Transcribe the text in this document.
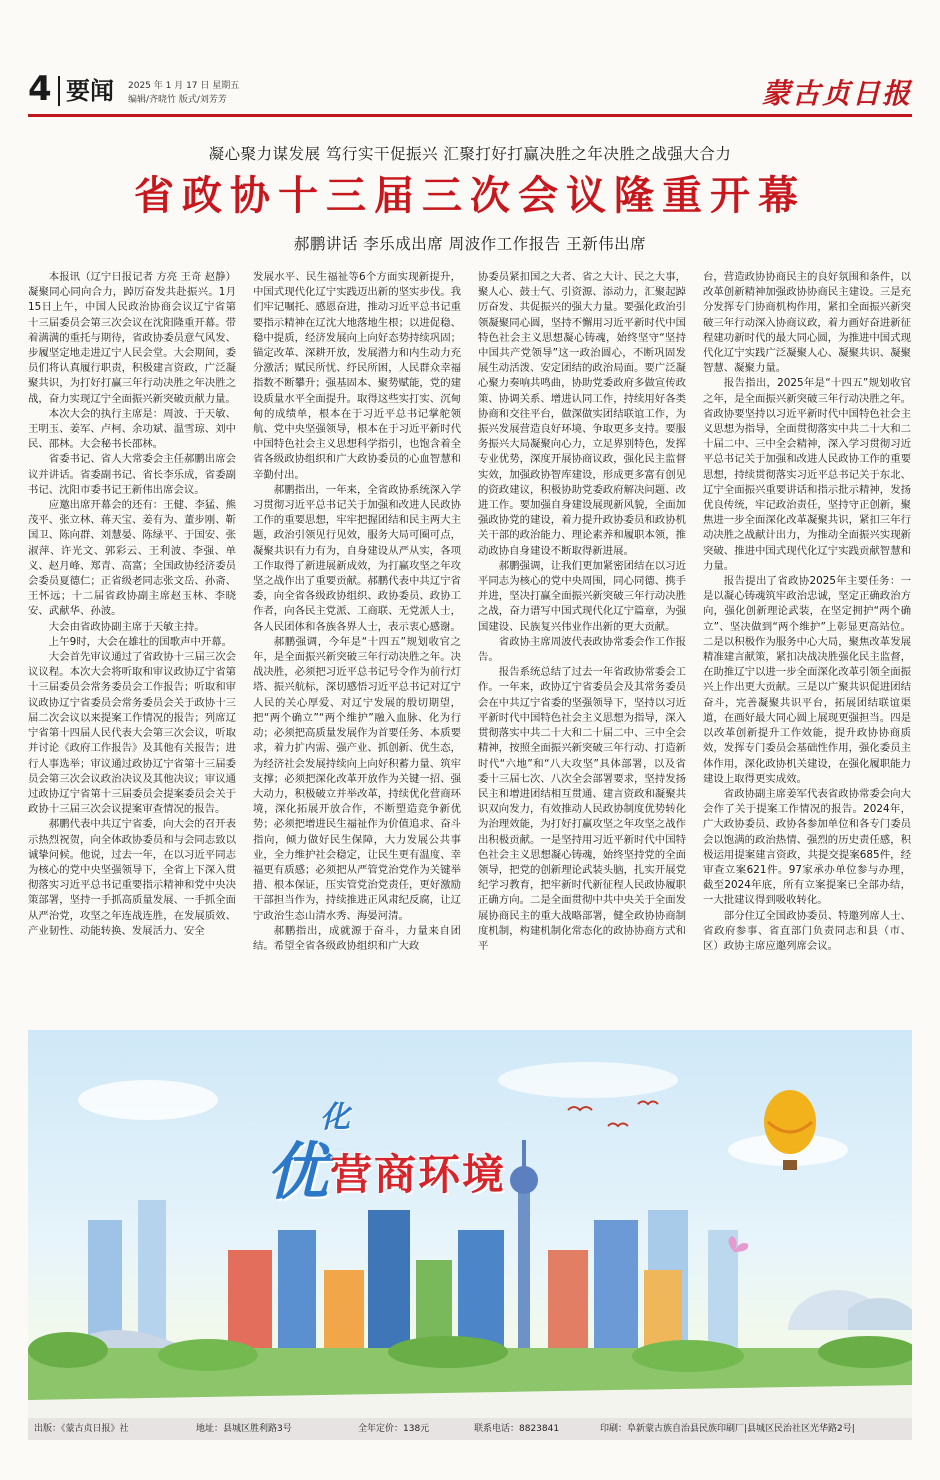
4 要闻 2025 年 1 月 17 日 星期五
编辑/齐晓竹 版式/刘芳芳	蒙古贞日报
凝心聚力谋发展 笃行实干促振兴 汇聚打好打赢决胜之年决胜之战强大合力
省政协十三届三次会议隆重开幕
郝鹏讲话 李乐成出席 周波作工作报告 王新伟出席

本报讯（辽宁日报记者 方亮 王奇 赵静）凝聚同心同向合力，踔厉奋发共赴振兴。1月15日上午，中国人民政治协商会议辽宁省第十三届委员会第三次会议在沈阳隆重开幕。带着满满的重托与期待，省政协委员意气风发、步履坚定地走进辽宁人民会堂。大会期间，委员们将认真履行职责，积极建言资政，广泛凝聚共识，为打好打赢三年行动决胜之年决胜之战，奋力实现辽宁全面振兴新突破贡献力量。

本次大会的执行主席是：周波、于天敏、王明玉、姜军、卢柯、余功斌、温雪琼、刘中民、邵林。大会秘书长邵林。

省委书记、省人大常委会主任郝鹏出席会议并讲话。省委副书记、省长李乐成，省委副书记、沈阳市委书记王新伟出席会议。

应邀出席开幕会的还有：王健、李猛、熊茂平、张立林、蒋天宝、姜有为、董步刚、靳国卫、陈向群、刘慧晏、陈绿平、于国安、张淑萍、许光文、郭彩云、王利波、李强、单义、赵月峰、郑青、高富；全国政协经济委员会委员夏德仁；正省级老同志张文岳、孙斋、王怀远；十二届省政协副主席赵玉林、李晓安、武献华、孙波。

大会由省政协副主席于天敏主持。

上午9时，大会在雄壮的国歌声中开幕。

大会首先审议通过了省政协十三届三次会议议程。本次大会将听取和审议政协辽宁省第十三届委员会常务委员会工作报告；听取和审议政协辽宁省委员会常务委员会关于政协十三届二次会议以来提案工作情况的报告；列席辽宁省第十四届人民代表大会第三次会议，听取并讨论《政府工作报告》及其他有关报告；进行人事选举；审议通过政协辽宁省第十三届委员会第三次会议政治决议及其他决议；审议通过政协辽宁省第十三届委员会提案委员会关于政协十三届三次会议提案审查情况的报告。

郝鹏代表中共辽宁省委，向大会的召开表示热烈祝贺，向全体政协委员和与会同志致以诚挚问候。他说，过去一年，在以习近平同志为核心的党中央坚强领导下，全省上下深入贯彻落实习近平总书记重要指示精神和党中央决策部署，坚持一手抓高质量发展、一手抓全面从严治党，攻坚之年连战连胜，在发展质效、产业韧性、动能转换、发展活力、安全

发展水平、民生福祉等6个方面实现新提升，中国式现代化辽宁实践迈出新的坚实步伐。我们牢记嘱托、感恩奋进，推动习近平总书记重要指示精神在辽沈大地落地生根；以进促稳、稳中提质，经济发展向上向好态势持续巩固；锚定改革、深耕开放，发展潜力和内生动力充分激活；赋民所忧、纾民所困，人民群众幸福指数不断攀升；强基固本、聚势赋能，党的建设质量水平全面提升。取得这些实打实、沉甸甸的成绩单，根本在于习近平总书记掌舵领航、党中央坚强领导，根本在于习近平新时代中国特色社会主义思想科学指引，也饱含着全省各级政协组织和广大政协委员的心血智慧和辛勤付出。

郝鹏指出，一年来，全省政协系统深入学习贯彻习近平总书记关于加强和改进人民政协工作的重要思想，牢牢把握团结和民主两大主题，政治引领见行见效，服务大局可圈可点，凝聚共识有力有为，自身建设从严从实，各项工作取得了新进展新成效，为打赢攻坚之年攻坚之战作出了重要贡献。郝鹏代表中共辽宁省委，向全省各级政协组织、政协委员、政协工作者，向各民主党派、工商联、无党派人士，各人民团体和各族各界人士，表示衷心感谢。

郝鹏强调，今年是“十四五”规划收官之年，是全面振兴新突破三年行动决胜之年。决战决胜，必须把习近平总书记号令作为前行灯塔、振兴航标，深切感悟习近平总书记对辽宁人民的关心厚爱、对辽宁发展的殷切期望，把“两个确立”“两个维护”融入血脉、化为行动；必须把高质量发展作为首要任务、本质要求，着力扩内需、强产业、抓创新、优生态，为经济社会发展持续向上向好积蓄力量、筑牢支撑；必须把深化改革开放作为关键一招、强大动力，积极破立并举改革，持续优化营商环境，深化拓展开放合作，不断塑造竞争新优势；必须把增进民生福祉作为价值追求、奋斗指向，倾力做好民生保障，大力发展公共事业，全力维护社会稳定，让民生更有温度、幸福更有质感；必须把从严管党治党作为关键举措、根本保证，压实管党治党责任，更好激励干部担当作为，持续推进正风肃纪反腐，让辽宁政治生态山清水秀、海晏河清。

郝鹏指出，成就源于奋斗，力量来自团结。希望全省各级政协组织和广大政

协委员紧扣国之大者、省之大计、民之大事，聚人心、鼓士气、引资源、添动力，汇聚起踔厉奋发、共促振兴的强大力量。要强化政治引领凝聚同心圆，坚持不懈用习近平新时代中国特色社会主义思想凝心铸魂，始终坚守“坚持中国共产党领导”这一政治圆心，不断巩固发展生动活泼、安定团结的政治局面。要广泛凝心聚力奏响共鸣曲，协助党委政府多做宣传政策、协调关系、增进认同工作，持续用好各类协商和交往平台，做深做实团结联谊工作，为振兴发展营造良好环境、争取更多支持。要服务振兴大局凝聚向心力，立足界别特色，发挥专业优势，深度开展协商议政，强化民主监督实效，加强政协智库建设，形成更多富有创见的资政建议，积极协助党委政府解决问题、改进工作。要加强自身建设展现新风貌，全面加强政协党的建设，着力提升政协委员和政协机关干部的政治能力、理论素养和履职本领，推动政协自身建设不断取得新进展。

郝鹏强调，让我们更加紧密团结在以习近平同志为核心的党中央周围，同心同德、携手并进，坚决打赢全面振兴新突破三年行动决胜之战，奋力谱写中国式现代化辽宁篇章，为强国建设、民族复兴伟业作出新的更大贡献。

省政协主席周波代表政协常委会作工作报告。

报告系统总结了过去一年省政协常委会工作。一年来，政协辽宁省委员会及其常务委员会在中共辽宁省委的坚强领导下，坚持以习近平新时代中国特色社会主义思想为指导，深入贯彻落实中共二十大和二十届二中、三中全会精神，按照全面振兴新突破三年行动、打造新时代“六地”和“八大攻坚”具体部署，以及省委十三届七次、八次全会部署要求，坚持发扬民主和增进团结相互贯通、建言资政和凝聚共识双向发力，有效推动人民政协制度优势转化为治理效能，为打好打赢攻坚之年攻坚之战作出积极贡献。一是坚持用习近平新时代中国特色社会主义思想凝心铸魂，始终坚持党的全面领导，把党的创新理论武装头脑，扎实开展党纪学习教育，把牢新时代新征程人民政协履职正确方向。二是全面贯彻中共中央关于全面发展协商民主的重大战略部署，健全政协协商制度机制，构建机制化常态化的政协协商方式和平

台，营造政协协商民主的良好氛围和条件，以改革创新精神加强政协协商民主建设。三是充分发挥专门协商机构作用，紧扣全面振兴新突破三年行动深入协商议政，着力画好奋进新征程建功新时代的最大同心圆，为推进中国式现代化辽宁实践广泛凝聚人心、凝聚共识、凝聚智慧、凝聚力量。

报告指出，2025年是“十四五”规划收官之年，是全面振兴新突破三年行动决胜之年。省政协要坚持以习近平新时代中国特色社会主义思想为指导，全面贯彻落实中共二十大和二十届二中、三中全会精神，深入学习贯彻习近平总书记关于加强和改进人民政协工作的重要思想，持续贯彻落实习近平总书记关于东北、辽宁全面振兴重要讲话和指示批示精神，发扬优良传统，牢记政治责任，坚持守正创新，聚焦进一步全面深化改革凝聚共识，紧扣三年行动决胜之战献计出力，为推动全面振兴实现新突破、推进中国式现代化辽宁实践贡献智慧和力量。

报告提出了省政协2025年主要任务：一是以凝心铸魂筑牢政治忠诚，坚定正确政治方向，强化创新理论武装，在坚定拥护“两个确立”、坚决做到“两个维护”上彰显更高站位。二是以积极作为服务中心大局，聚焦改革发展精准建言献策，紧扣决战决胜强化民主监督，在助推辽宁以进一步全面深化改革引领全面振兴上作出更大贡献。三是以广聚共识促进团结奋斗，完善凝聚共识平台，拓展团结联谊渠道，在画好最大同心圆上展现更强担当。四是以改革创新提升工作效能，提升政协协商质效，发挥专门委员会基础性作用，强化委员主体作用，深化政协机关建设，在强化履职能力建设上取得更实成效。

省政协副主席姜军代表省政协常委会向大会作了关于提案工作情况的报告。2024年，广大政协委员、政协各参加单位和各专门委员会以饱满的政治热情、强烈的历史责任感，积极运用提案建言资政，共提交提案685件，经审查立案621件。97家承办单位参与办理，截至2024年底，所有立案提案已全部办结，一大批建议得到吸收转化。

部分住辽全国政协委员、特邀列席人士、省政府参事、省直部门负责同志和县（市、区）政协主席应邀列席会议。

化
优 营商环境
出版：《蒙古贞日报》社	地址：县城区胜利路3号	全年定价：138元	联系电话：8823841	印刷：阜新蒙古族自治县民族印刷厂|县城区民治社区光华路2号|
